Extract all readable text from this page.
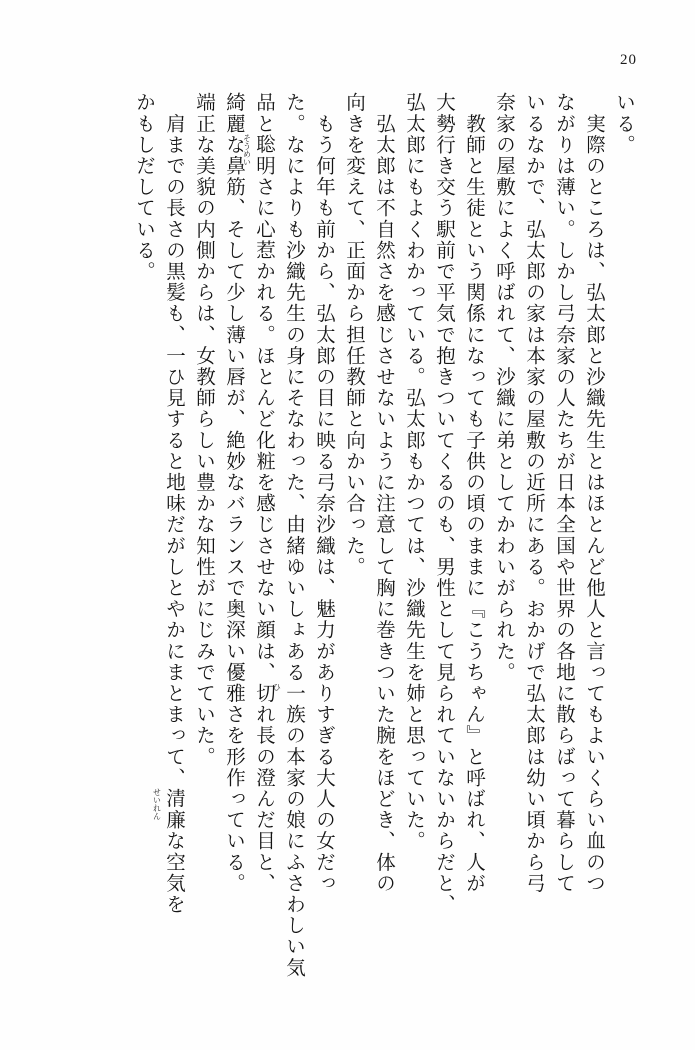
20
いる。
　実際のところは、弘太郎と沙織先生とはほとんど他人と言ってもよいくらい血のつ
ながりは薄い。しかし弓奈家の人たちが日本全国や世界の各地に散らばって暮らして
いるなかで、弘太郎の家は本家の屋敷の近所にある。おかげで弘太郎は幼い頃から弓
奈家の屋敷によく呼ばれて、沙織に弟としてかわいがられた。
　教師と生徒という関係になっても子供の頃のままに『こうちゃん』と呼ばれ、人が
大勢行き交う駅前で平気で抱きついてくるのも、男性として見られていないからだと、
弘太郎にもよくわかっている。弘太郎もかつては、沙織先生を姉と思っていた。
　弘太郎は不自然さを感じさせないように注意して胸に巻きついた腕をほどき、体の
向きを変えて、正面から担任教師と向かい合った。
　もう何年も前から、弘太郎の目に映る弓奈沙織は、魅力がありすぎる大人の女だっ
た。なによりも沙織先生の身にそなわった、由緒ゆいしょある一
ひ
族の本家の娘にふさわしい気
品と聡明
そうめい
さに心惹かれる。ほとんど化粧を感じさせない顔は、切れ長の澄んだ目と、
綺麗な鼻筋、そして少し薄い唇が、絶妙なバランスで奥深い優雅さを形作っている。
端正な美貌の内側からは、女教師らしい豊かな知性がにじみでていた。
　肩までの長さの黒髪も、一ひ見すると地味だがしとやかにまとまって、清廉
せいれん
な空気を
かもしだしている。
